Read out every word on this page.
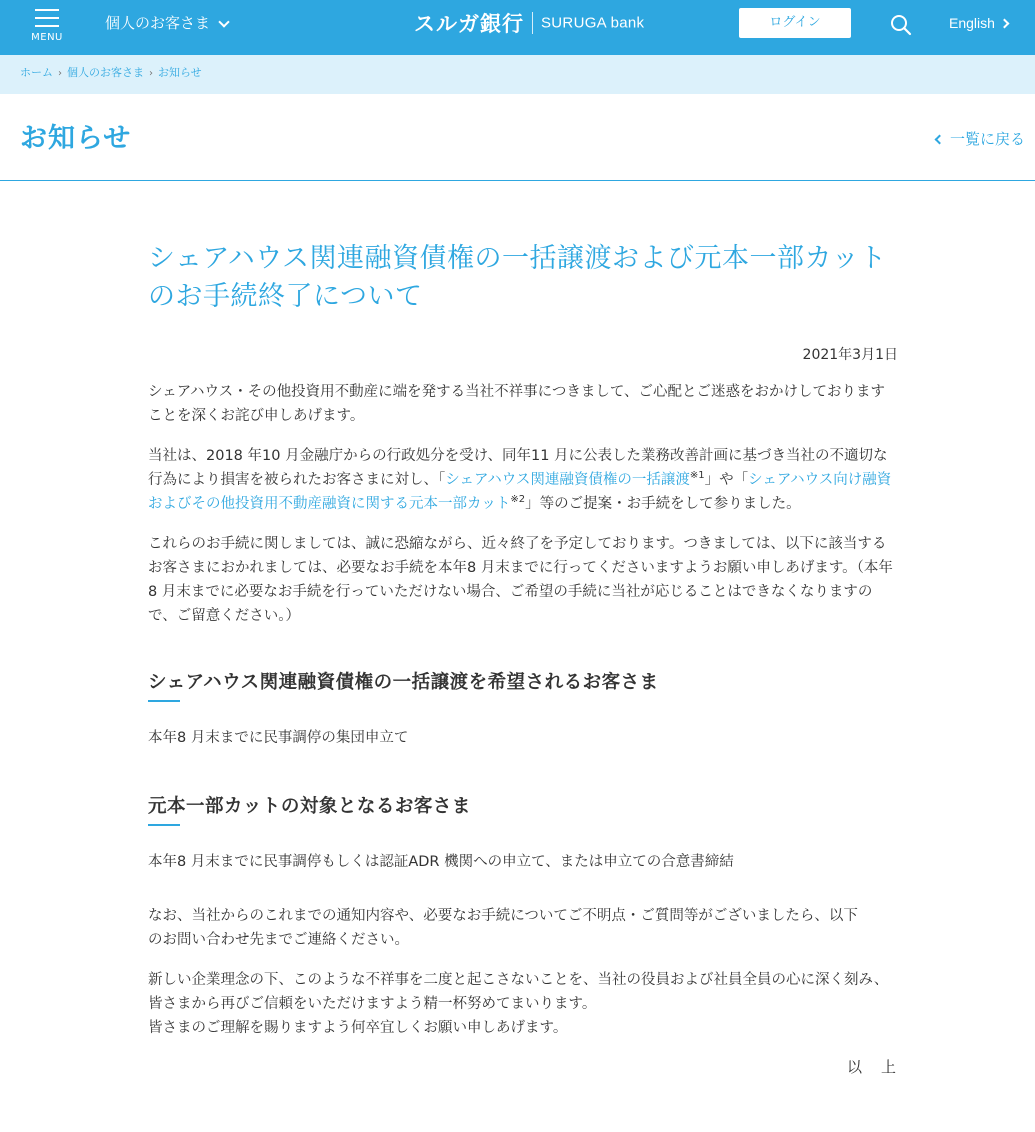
MENU
個人のお客さま	スルガ銀行 SURUGA bank	ログイン	English
ホーム › 個人のお客さま › お知らせ
お知らせ	一覧に戻る
シェアハウス関連融資債権の一括譲渡および元本一部カットのお手続終了について
2021年3月1日

シェアハウス・その他投資用不動産に端を発する当社不祥事につきまして、ご心配とご迷惑をおかけしておりますことを深くお詫び申しあげます。

当社は、2018 年10 月金融庁からの行政処分を受け、同年11 月に公表した業務改善計画に基づき当社の不適切な行為により損害を被られたお客さまに対し、「シェアハウス関連融資債権の一括譲渡$^{※1}$」や「シェアハウス向け融資およびその他投資用不動産融資に関する元本一部カット$^{※2}$」等のご提案・お手続をして参りました。

これらのお手続に関しましては、誠に恐縮ながら、近々終了を予定しております。つきましては、以下に該当するお客さまにおかれましては、必要なお手続を本年8 月末までに行ってくださいますようお願い申しあげます。（本年8 月末までに必要なお手続を行っていただけない場合、ご希望の手続に当社が応じることはできなくなりますので、ご留意ください。）

シェアハウス関連融資債権の一括譲渡を希望されるお客さま

本年8 月末までに民事調停の集団申立て

元本一部カットの対象となるお客さま

本年8 月末までに民事調停もしくは認証ADR 機関への申立て、または申立ての合意書締結

なお、当社からのこれまでの通知内容や、必要なお手続についてご不明点・ご質問等がございましたら、以下のお問い合わせ先までご連絡ください。

新しい企業理念の下、このような不祥事を二度と起こさないことを、当社の役員および社員全員の心に深く刻み、皆さまから再びご信頼をいただけますよう精一杯努めてまいります。
皆さまのご理解を賜りますよう何卒宜しくお願い申しあげます。

以　上
